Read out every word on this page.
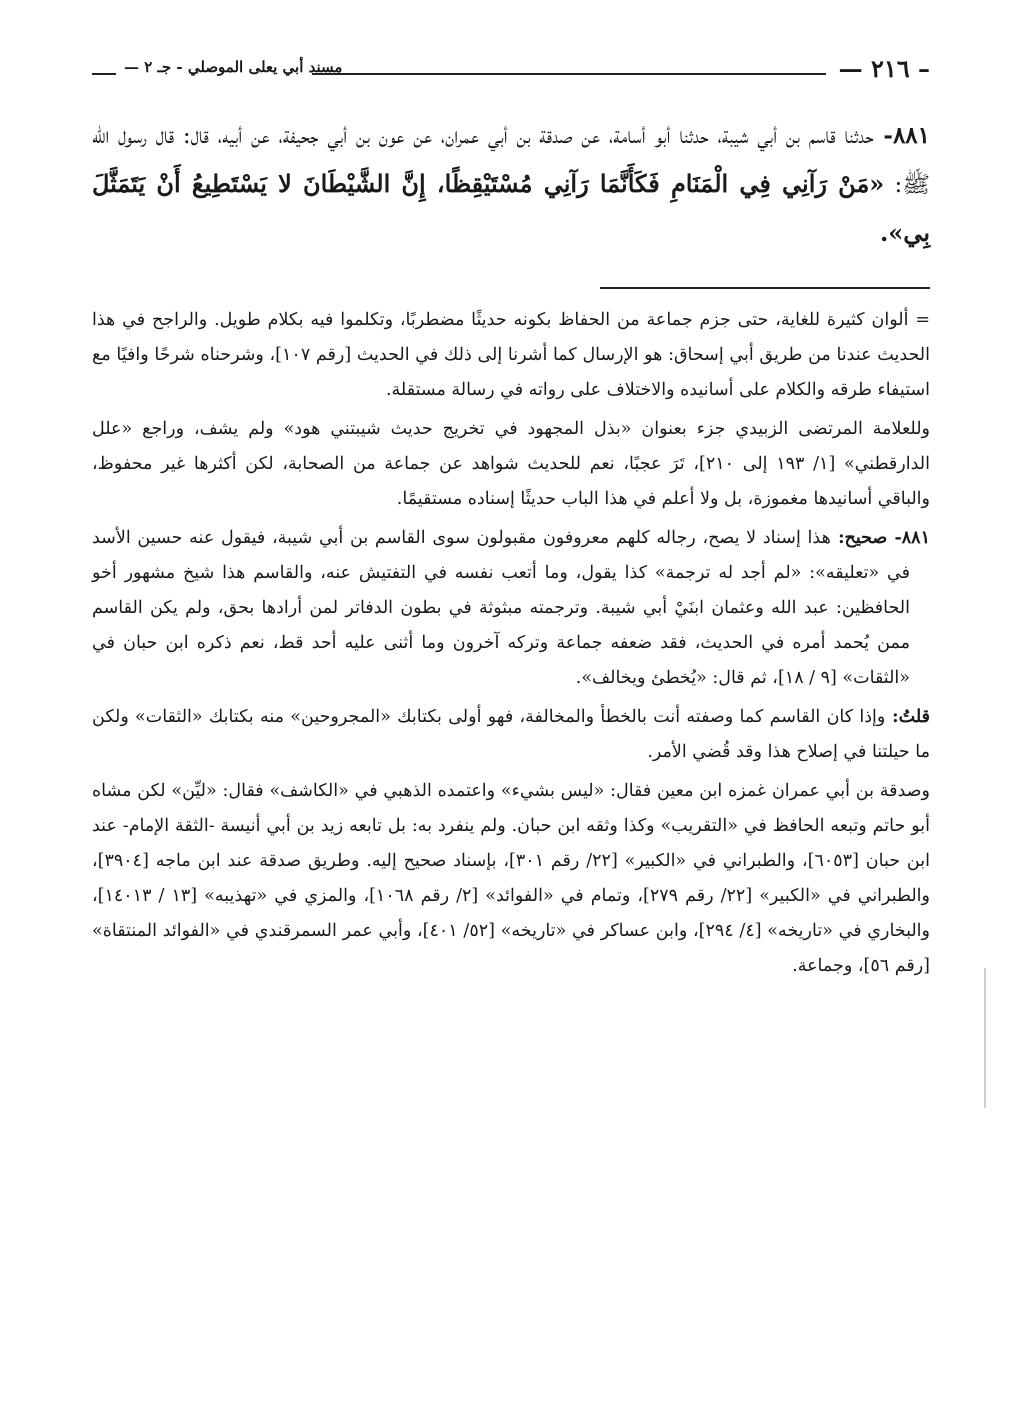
– ٢١٦ —
مسند أبي يعلى الموصلي - جـ ٢ —
٨٨١- حدثنا قاسم بن أبي شيبة، حدثنا أبو أسامة، عن صدقة بن أبي عمران، عن عون بن أبي جحيفة، عن أبيه، قال: قال رسول الله ﷺ: «مَنْ رَآنِي فِي الْمَنَامِ فَكَأَنَّمَا رَآنِي مُسْتَيْقِظًا، إِنَّ الشَّيْطَانَ لا يَسْتَطِيعُ أَنْ يَتَمَثَّلَ بِي».

= ألوان كثيرة للغاية، حتى جزم جماعة من الحفاظ بكونه حديثًا مضطربًا، وتكلموا فيه بكلام طويل. والراجح في هذا الحديث عندنا من طريق أبي إسحاق: هو الإرسال كما أشرنا إلى ذلك في الحديث [رقم ١٠٧]، وشرحناه شرحًا وافيًا مع استيفاء طرقه والكلام على أسانيده والاختلاف على رواته في رسالة مستقلة.

وللعلامة المرتضى الزبيدي جزء بعنوان «بذل المجهود في تخريج حديث شيبتني هود» ولم يشف، وراجع «علل الدارقطني» [١/ ١٩٣ إلى ٢١٠]، تَرَ عجبًا، نعم للحديث شواهد عن جماعة من الصحابة، لكن أكثرها غير محفوظ، والباقي أسانيدها مغموزة، بل ولا أعلم في هذا الباب حديثًا إسناده مستقيمًا.

٨٨١- صحيح: هذا إسناد لا يصح، رجاله كلهم معروفون مقبولون سوى القاسم بن أبي شيبة، فيقول عنه حسين الأسد في «تعليقه»: «لم أجد له ترجمة» كذا يقول، وما أتعب نفسه في التفتيش عنه، والقاسم هذا شيخ مشهور أخو الحافظين: عبد الله وعثمان ابنَيْ أبي شيبة. وترجمته مبثوثة في بطون الدفاتر لمن أرادها بحق، ولم يكن القاسم ممن يُحمد أمره في الحديث، فقد ضعفه جماعة وتركه آخرون وما أثنى عليه أحد قط، نعم ذكره ابن حبان في «الثقات» [٩ / ١٨]، ثم قال: «يُخطئ ويخالف».

قلتُ: وإذا كان القاسم كما وصفته أنت بالخطأ والمخالفة، فهو أولى بكتابك «المجروحين» منه بكتابك «الثقات» ولكن ما حيلتنا في إصلاح هذا وقد قُضي الأمر.

وصدقة بن أبي عمران غمزه ابن معين فقال: «ليس بشيء» واعتمده الذهبي في «الكاشف» فقال: «ليِّن» لكن مشاه أبو حاتم وتبعه الحافظ في «التقريب» وكذا وثقه ابن حبان. ولم ينفرد به: بل تابعه زيد بن أبي أنيسة -الثقة الإمام- عند ابن حبان [٦٠٥٣]، والطبراني في «الكبير» [٢٢/ رقم ٣٠١]، بإسناد صحيح إليه. وطريق صدقة عند ابن ماجه [٣٩٠٤]، والطبراني في «الكبير» [٢٢/ رقم ٢٧٩]، وتمام في «الفوائد» [٢/ رقم ١٠٦٨]، والمزي في «تهذيبه» [١٣ / ١٤٠١٣]، والبخاري في «تاريخه» [٤/ ٢٩٤]، وابن عساكر في «تاريخه» [٥٢/ ٤٠١]، وأبي عمر السمرقندي في «الفوائد المنتقاة» [رقم ٥٦]، وجماعة.
